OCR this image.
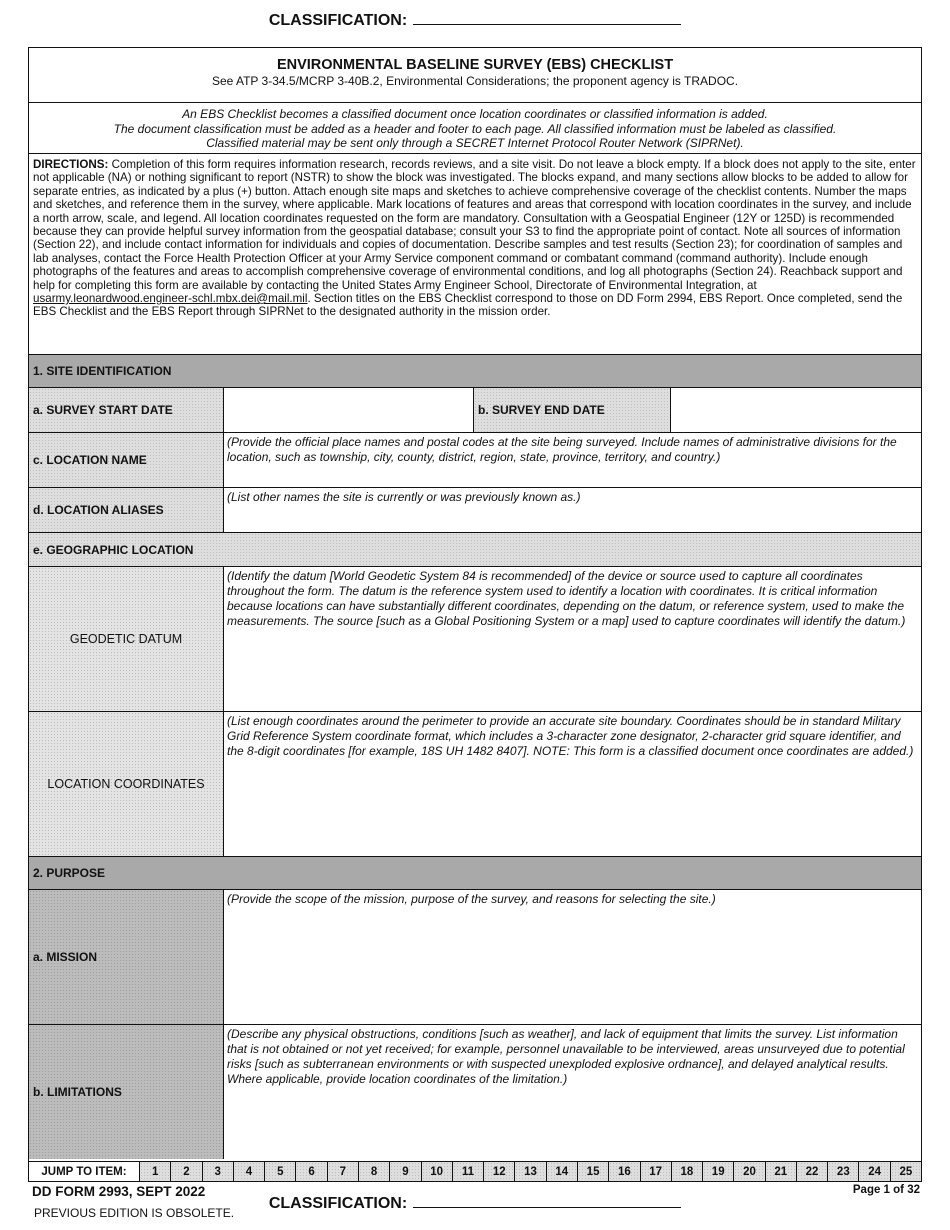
CLASSIFICATION:
ENVIRONMENTAL BASELINE SURVEY (EBS) CHECKLIST
See ATP 3-34.5/MCRP 3-40B.2, Environmental Considerations; the proponent agency is TRADOC.
An EBS Checklist becomes a classified document once location coordinates or classified information is added.
The document classification must be added as a header and footer to each page. All classified information must be labeled as classified.
Classified material may be sent only through a SECRET Internet Protocol Router Network (SIPRNet).
DIRECTIONS: Completion of this form requires information research, records reviews, and a site visit. Do not leave a block empty. If a block does not apply to the site, enter not applicable (NA) or nothing significant to report (NSTR) to show the block was investigated. The blocks expand, and many sections allow blocks to be added to allow for separate entries, as indicated by a plus (+) button. Attach enough site maps and sketches to achieve comprehensive coverage of the checklist contents. Number the maps and sketches, and reference them in the survey, where applicable. Mark locations of features and areas that correspond with location coordinates in the survey, and include a north arrow, scale, and legend. All location coordinates requested on the form are mandatory. Consultation with a Geospatial Engineer (12Y or 125D) is recommended because they can provide helpful survey information from the geospatial database; consult your S3 to find the appropriate point of contact. Note all sources of information (Section 22), and include contact information for individuals and copies of documentation. Describe samples and test results (Section 23); for coordination of samples and lab analyses, contact the Force Health Protection Officer at your Army Service component command or combatant command (command authority). Include enough photographs of the features and areas to accomplish comprehensive coverage of environmental conditions, and log all photographs (Section 24). Reachback support and help for completing this form are available by contacting the United States Army Engineer School, Directorate of Environmental Integration, at usarmy.leonardwood.engineer-schl.mbx.dei@mail.mil. Section titles on the EBS Checklist correspond to those on DD Form 2994, EBS Report. Once completed, send the EBS Checklist and the EBS Report through SIPRNet to the designated authority in the mission order.
1. SITE IDENTIFICATION
a. SURVEY START DATE	b. SURVEY END DATE
c. LOCATION NAME
(Provide the official place names and postal codes at the site being surveyed. Include names of administrative divisions for the location, such as township, city, county, district, region, state, province, territory, and country.)
d. LOCATION ALIASES
(List other names the site is currently or was previously known as.)
e. GEOGRAPHIC LOCATION
GEODETIC DATUM
(Identify the datum [World Geodetic System 84 is recommended] of the device or source used to capture all coordinates throughout the form. The datum is the reference system used to identify a location with coordinates. It is critical information because locations can have substantially different coordinates, depending on the datum, or reference system, used to make the measurements. The source [such as a Global Positioning System or a map] used to capture coordinates will identify the datum.)
LOCATION COORDINATES
(List enough coordinates around the perimeter to provide an accurate site boundary. Coordinates should be in standard Military Grid Reference System coordinate format, which includes a 3-character zone designator, 2-character grid square identifier, and the 8-digit coordinates [for example, 18S UH 1482 8407]. NOTE: This form is a classified document once coordinates are added.)
2. PURPOSE
a. MISSION
(Provide the scope of the mission, purpose of the survey, and reasons for selecting the site.)
b. LIMITATIONS
(Describe any physical obstructions, conditions [such as weather], and lack of equipment that limits the survey. List information that is not obtained or not yet received; for example, personnel unavailable to be interviewed, areas unsurveyed due to potential risks [such as subterranean environments or with suspected unexploded explosive ordnance], and delayed analytical results. Where applicable, provide location coordinates of the limitation.)
JUMP TO ITEM:	1	2	3	4	5	6	7	8	9	10	11	12	13	14	15	16	17	18	19	20	21	22	23	24	25
DD FORM 2993, SEPT 2022
PREVIOUS EDITION IS OBSOLETE.
Page 1 of 32
CLASSIFICATION:
